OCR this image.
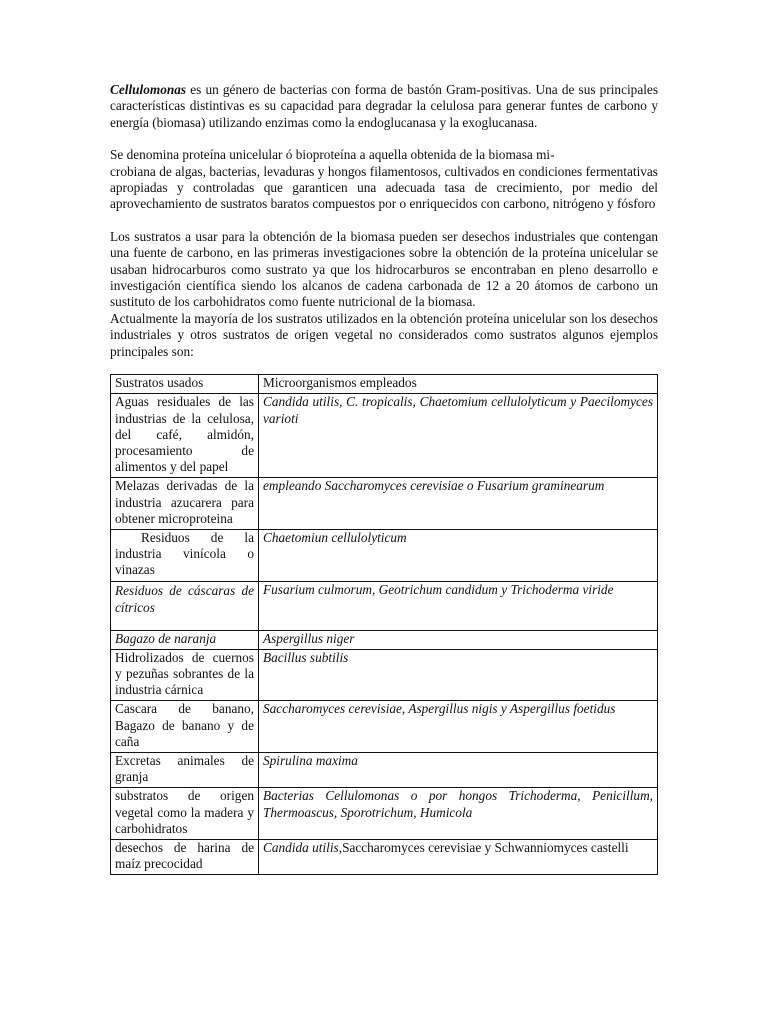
Cellulomonas es un género de bacterias con forma de bastón Gram-positivas. Una de sus principales características distintivas es su capacidad para degradar la celulosa para generar funtes de carbono y energía (biomasa) utilizando enzimas como la endoglucanasa y la exoglucanasa.

Se denomina proteína unicelular ó bioproteína a aquella obtenida de la biomasa mi-

crobiana de algas, bacterias, levaduras y hongos filamentosos, cultivados en condiciones fermentativas apropiadas y controladas que garanticen una adecuada tasa de crecimiento, por medio del aprovechamiento de sustratos baratos compuestos por o enriquecidos con carbono, nitrógeno y fósforo

Los sustratos a usar para la obtención de la biomasa pueden ser desechos industriales que contengan una fuente de carbono, en las primeras investigaciones sobre la obtención de la proteína unicelular se usaban hidrocarburos como sustrato ya que los hidrocarburos se encontraban en pleno desarrollo e investigación científica siendo los alcanos de cadena carbonada de 12 a 20 átomos de carbono un sustituto de los carbohidratos como fuente nutricional de la biomasa.

Actualmente la mayoría de los sustratos utilizados en la obtención proteína unicelular son los desechos industriales y otros sustratos de origen vegetal no considerados como sustratos algunos ejemplos principales son:

Sustratos usados	Microorganismos empleados
Aguas residuales de las industrias de la celulosa, del café, almidón, procesamiento de alimentos y del papel	Candida utilis, C. tropicalis, Chaetomium cellulolyticum y Paecilomyces varioti
Melazas derivadas de la industria azucarera para obtener microproteina	empleando Saccharomyces cerevisiae o Fusarium graminearum
Residuos de la industria vinícola o vinazas	Chaetomiun cellulolyticum
Residuos de cáscaras de cítricos	Fusarium culmorum, Geotrichum candidum y Trichoderma viride
Bagazo de naranja	Aspergillus niger
Hidrolizados de cuernos y pezuñas sobrantes de la industria cárnica	Bacillus subtilis
Cascara de banano, Bagazo de banano y de caña	Saccharomyces cerevisiae, Aspergillus nigis y Aspergillus foetidus
Excretas animales de granja	Spirulina maxima
substratos de origen vegetal como la madera y carbohidratos	Bacterias Cellulomonas o por hongos Trichoderma, Penicillum, Thermoascus, Sporotrichum, Humicola
desechos de harina de maíz precocidad	Candida utilis,Saccharomyces cerevisiae y Schwanniomyces castelli
